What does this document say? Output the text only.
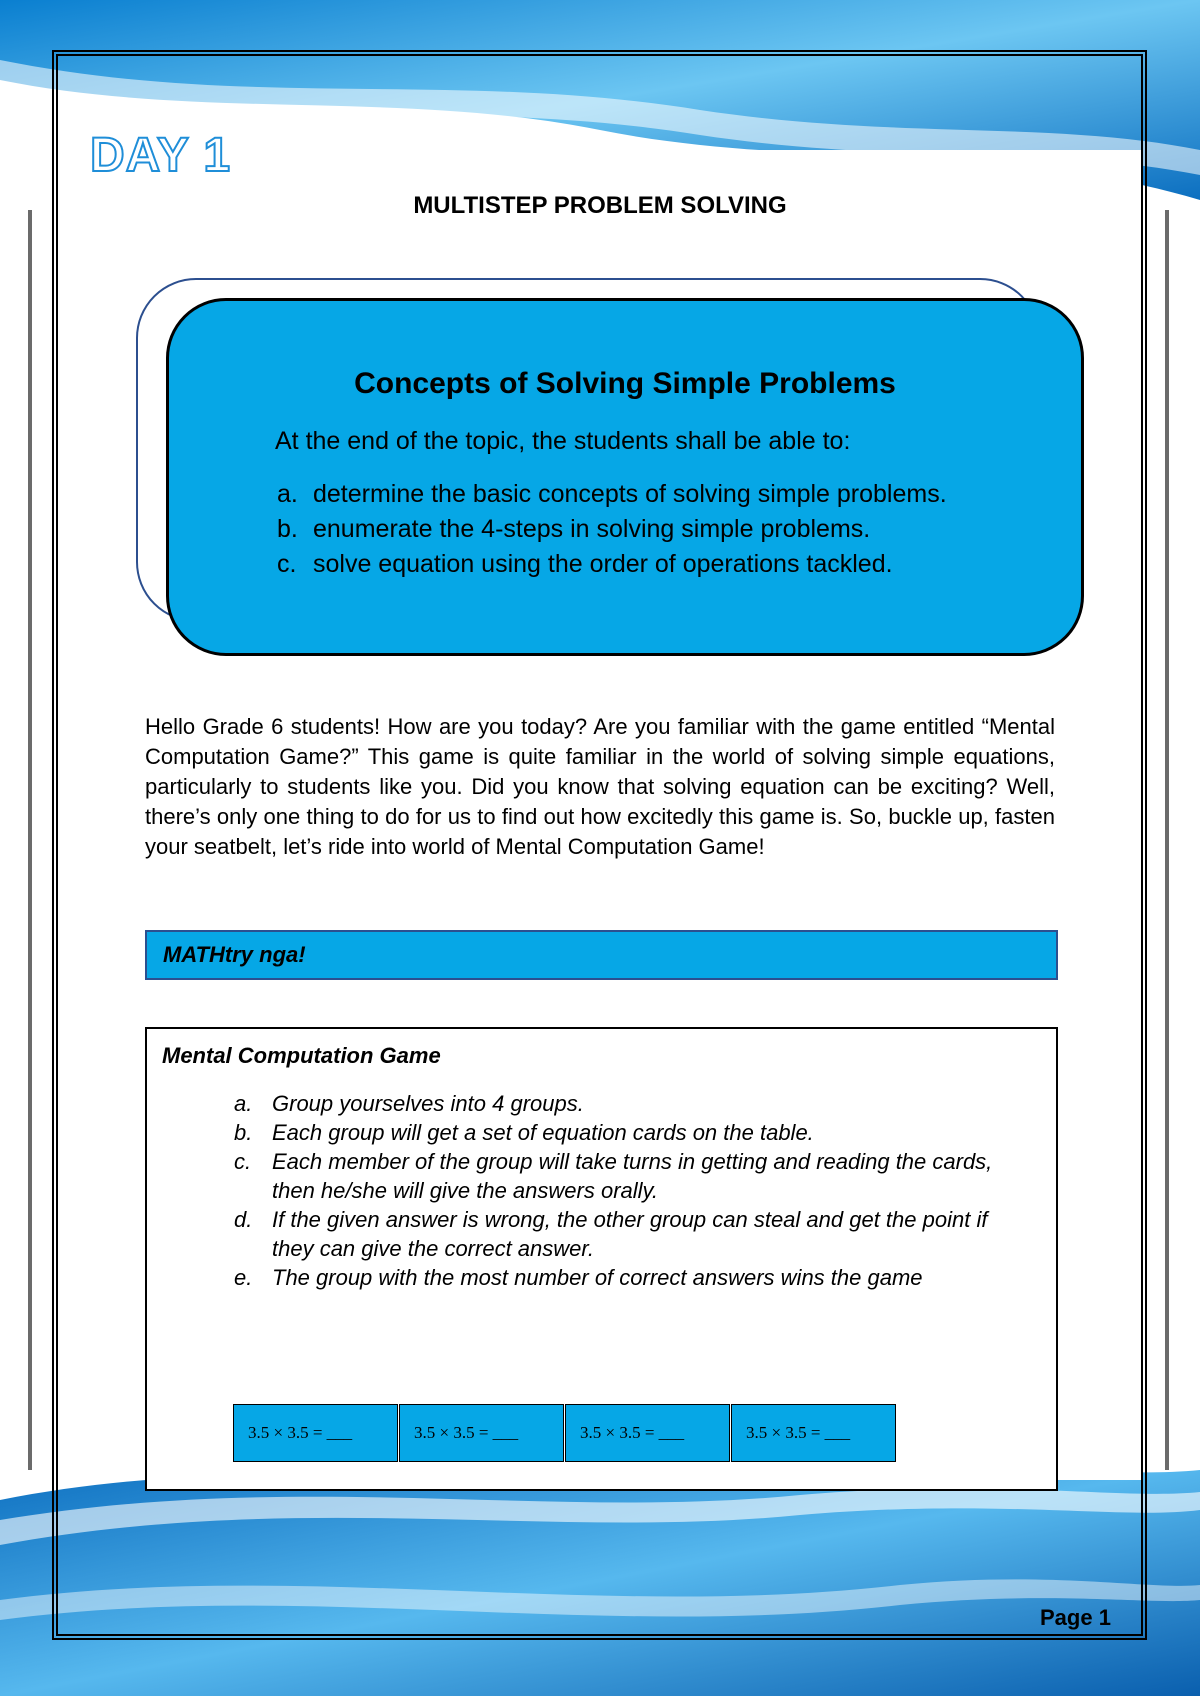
DAY 1
MULTISTEP PROBLEM SOLVING
Concepts of Solving Simple Problems
At the end of the topic, the students shall be able to:
a. determine the basic concepts of solving simple problems.
b. enumerate the 4-steps in solving simple problems.
c. solve equation using the order of operations tackled.

Hello Grade 6 students! How are you today? Are you familiar with the game entitled “Mental Computation Game?” This game is quite familiar in the world of solving simple equations, particularly to students like you. Did you know that solving equation can be exciting? Well, there’s only one thing to do for us to find out how excitedly this game is. So, buckle up, fasten your seatbelt, let’s ride into world of Mental Computation Game!

MATHtry nga!
Mental Computation Game
a. Group yourselves into 4 groups.
b. Each group will get a set of equation cards on the table.
c. Each member of the group will take turns in getting and reading the cards, then he/she will give the answers orally.
d. If the given answer is wrong, the other group can steal and get the point if they can give the correct answer.
e. The group with the most number of correct answers wins the game
3.5 × 3.5 = ___	3.5 × 3.5 = ___	3.5 × 3.5 = ___	3.5 × 3.5 = ___
Page 1
